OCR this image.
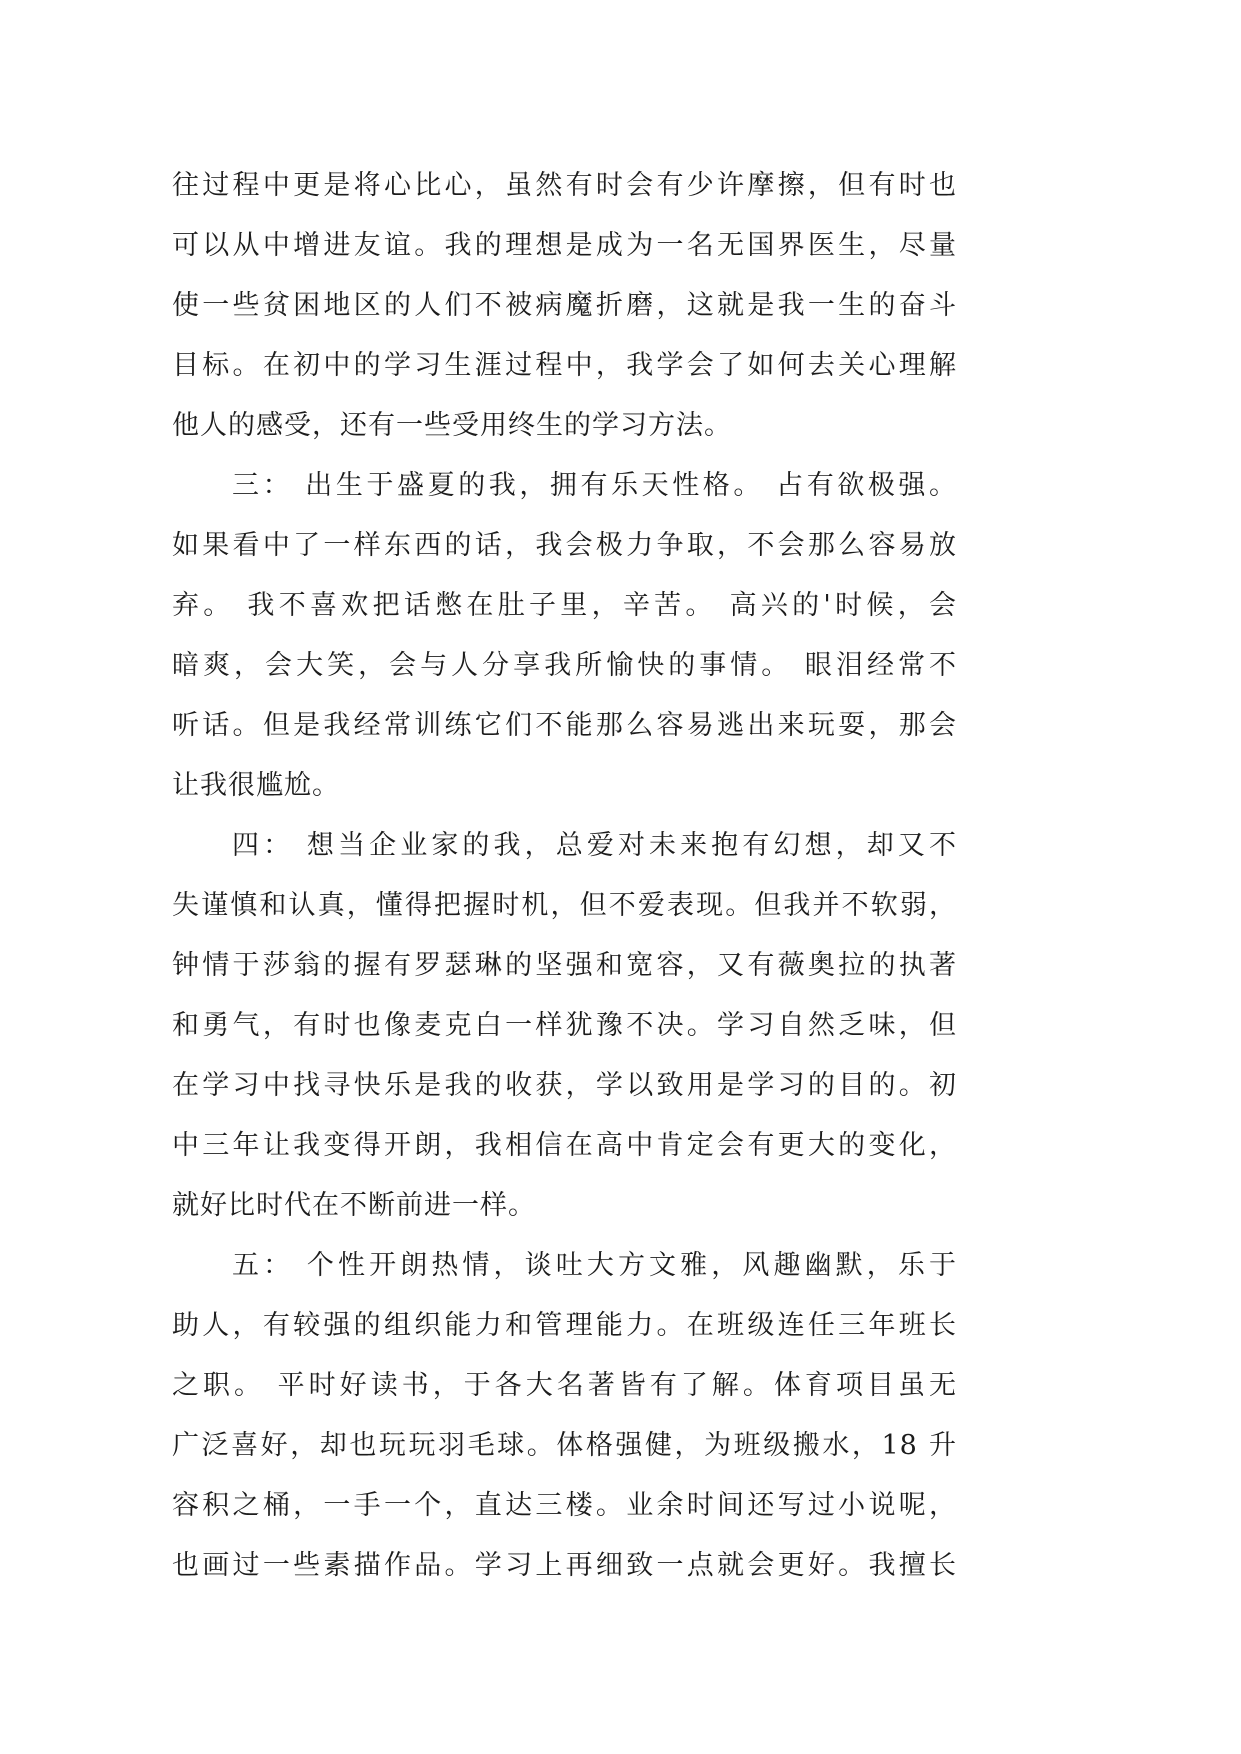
往过程中更是将心比心，虽然有时会有少许摩擦，但有时也
可以从中增进友谊。我的理想是成为一名无国界医生，尽量
使一些贫困地区的人们不被病魔折磨，这就是我一生的奋斗
目标。在初中的学习生涯过程中，我学会了如何去关心理解
他人的感受，还有一些受用终生的学习方法。
三： 出生于盛夏的我，拥有乐天性格。 占有欲极强。
如果看中了一样东西的话，我会极力争取，不会那么容易放
弃。 我不喜欢把话憋在肚子里，辛苦。 高兴的'时候，会
暗爽，会大笑，会与人分享我所愉快的事情。 眼泪经常不
听话。但是我经常训练它们不能那么容易逃出来玩耍，那会
让我很尴尬。
四： 想当企业家的我，总爱对未来抱有幻想，却又不
失谨慎和认真，懂得把握时机，但不爱表现。但我并不软弱，
钟情于莎翁的握有罗瑟琳的坚强和宽容，又有薇奥拉的执著
和勇气，有时也像麦克白一样犹豫不决。学习自然乏味，但
在学习中找寻快乐是我的收获，学以致用是学习的目的。初
中三年让我变得开朗，我相信在高中肯定会有更大的变化，
就好比时代在不断前进一样。
五： 个性开朗热情，谈吐大方文雅，风趣幽默，乐于
助人，有较强的组织能力和管理能力。在班级连任三年班长
之职。 平时好读书，于各大名著皆有了解。体育项目虽无
广泛喜好，却也玩玩羽毛球。体格强健，为班级搬水，18 升
容积之桶，一手一个，直达三楼。业余时间还写过小说呢，
也画过一些素描作品。学习上再细致一点就会更好。我擅长
